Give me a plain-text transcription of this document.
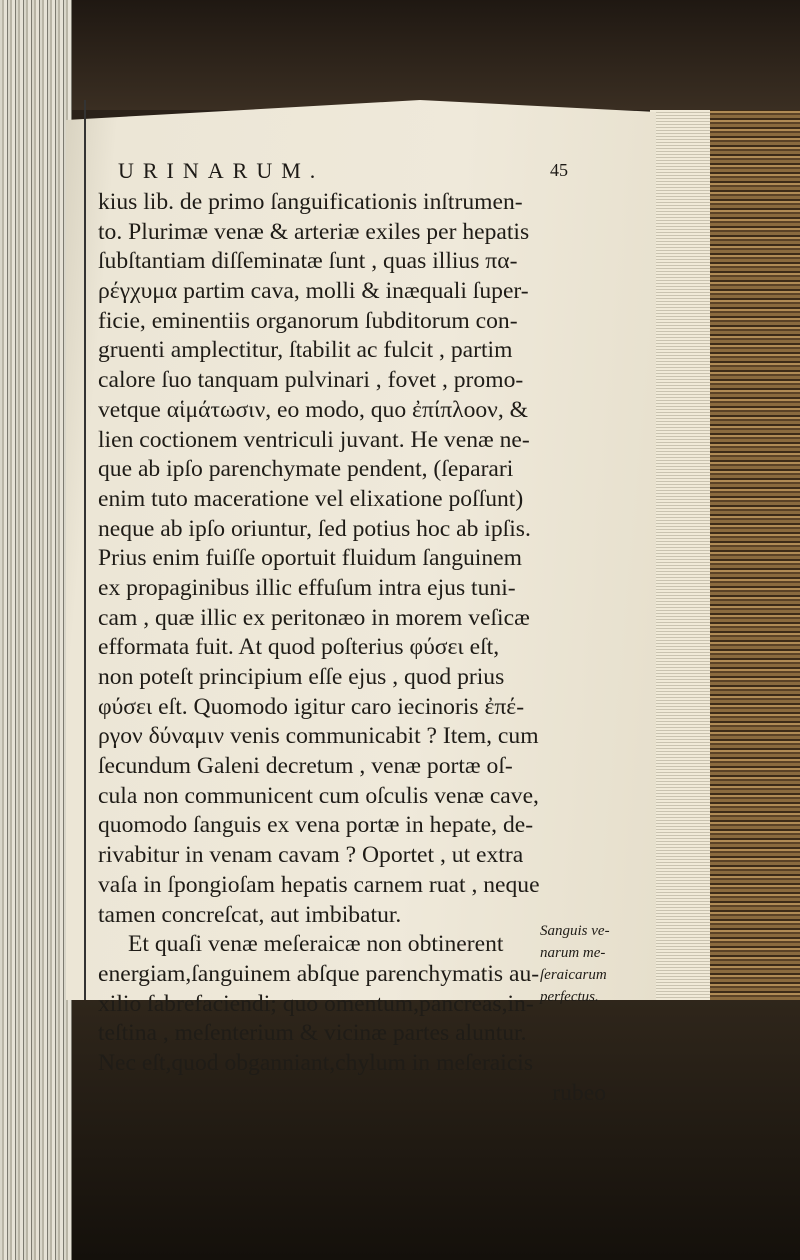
URINARUM.	45
kius lib. de primo ſanguificationis inſtrumen-
to. Plurimæ venæ & arteriæ exiles per hepatis
ſubſtantiam diſſeminatæ ſunt , quas illius πα-
ρέγχυμα partim cava, molli & inæquali ſuper-
ficie, eminentiis organorum ſubditorum con-
gruenti amplectitur, ſtabilit ac fulcit , partim
calore ſuo tanquam pulvinari , fovet , promo-
vetque αἱμάτωσιν, eo modo, quo ἐπίπλοον, &
lien coctionem ventriculi juvant. He venæ ne-
que ab ipſo parenchymate pendent, (ſeparari
enim tuto maceratione vel elixatione poſſunt)
neque ab ipſo oriuntur, ſed potius hoc ab ipſis.
Prius enim fuiſſe oportuit fluidum ſanguinem
ex propaginibus illic effuſum intra ejus tuni-
cam , quæ illic ex peritonæo in morem veſicæ
efformata fuit. At quod poſterius φύσει eſt,
non poteſt principium eſſe ejus , quod prius
φύσει eſt. Quomodo igitur caro iecinoris ἐπέ-
ργον δύναμιν venis communicabit ? Item, cum
ſecundum Galeni decretum , venæ portæ oſ-
cula non communicent cum oſculis venæ cave,
quomodo ſanguis ex vena portæ in hepate, de-
rivabitur in venam cavam ? Oportet , ut extra
vaſa in ſpongioſam hepatis carnem ruat , neque
tamen concreſcat, aut imbibatur.
Et quaſi venæ meſeraicæ non obtinerent
energiam,ſanguinem abſque parenchymatis au-
xilio ſabrefaciendi; quo omentum,pancreas,in-
teſtina , meſenterium & vicinæ partes aluntur.
Nec eſt,quod obganniant,chylum in meſeraicis
rubeo
Sanguis ve-
narum me-
ſeraicarum
perfectus.
